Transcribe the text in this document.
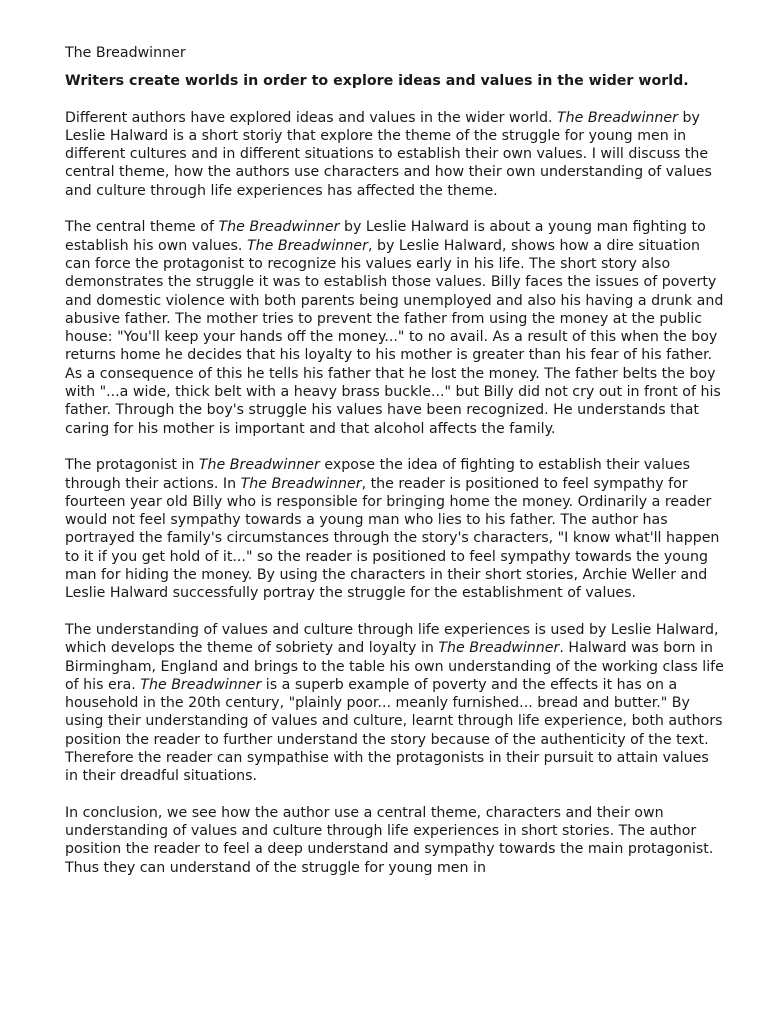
The Breadwinner
Writers create worlds in order to explore ideas and values in the wider world.

Different authors have explored ideas and values in the wider world. The Breadwinner by Leslie Halward is a short storiy that explore the theme of the struggle for young men in different cultures and in different situations to establish their own values. I will discuss the central theme, how the authors use characters and how their own understanding of values and culture through life experiences has affected the theme.

The central theme of The Breadwinner by Leslie Halward is about a young man fighting to establish his own values. The Breadwinner, by Leslie Halward, shows how a dire situation can force the protagonist to recognize his values early in his life. The short story also demonstrates the struggle it was to establish those values. Billy faces the issues of poverty and domestic violence with both parents being unemployed and also his having a drunk and abusive father. The mother tries to prevent the father from using the money at the public house: "You'll keep your hands off the money..." to no avail. As a result of this when the boy returns home he decides that his loyalty to his mother is greater than his fear of his father. As a consequence of this he tells his father that he lost the money. The father belts the boy with "...a wide, thick belt with a heavy brass buckle..." but Billy did not cry out in front of his father. Through the boy's struggle his values have been recognized. He understands that caring for his mother is important and that alcohol affects the family.

The protagonist in The Breadwinner expose the idea of fighting to establish their values through their actions. In The Breadwinner, the reader is positioned to feel sympathy for fourteen year old Billy who is responsible for bringing home the money. Ordinarily a reader would not feel sympathy towards a young man who lies to his father. The author has portrayed the family's circumstances through the story's characters, "I know what'll happen to it if you get hold of it..." so the reader is positioned to feel sympathy towards the young man for hiding the money. By using the characters in their short stories, Archie Weller and Leslie Halward successfully portray the struggle for the establishment of values.

The understanding of values and culture through life experiences is used by Leslie Halward, which develops the theme of sobriety and loyalty in The Breadwinner. Halward was born in Birmingham, England and brings to the table his own understanding of the working class life of his era. The Breadwinner is a superb example of poverty and the effects it has on a household in the 20th century, "plainly poor... meanly furnished... bread and butter." By using their understanding of values and culture, learnt through life experience, both authors position the reader to further understand the story because of the authenticity of the text. Therefore the reader can sympathise with the protagonists in their pursuit to attain values in their dreadful situations.

In conclusion, we see how the author use a central theme, characters and their own understanding of values and culture through life experiences in short stories. The author position the reader to feel a deep understand and sympathy towards the main protagonist. Thus they can understand of the struggle for young men in
